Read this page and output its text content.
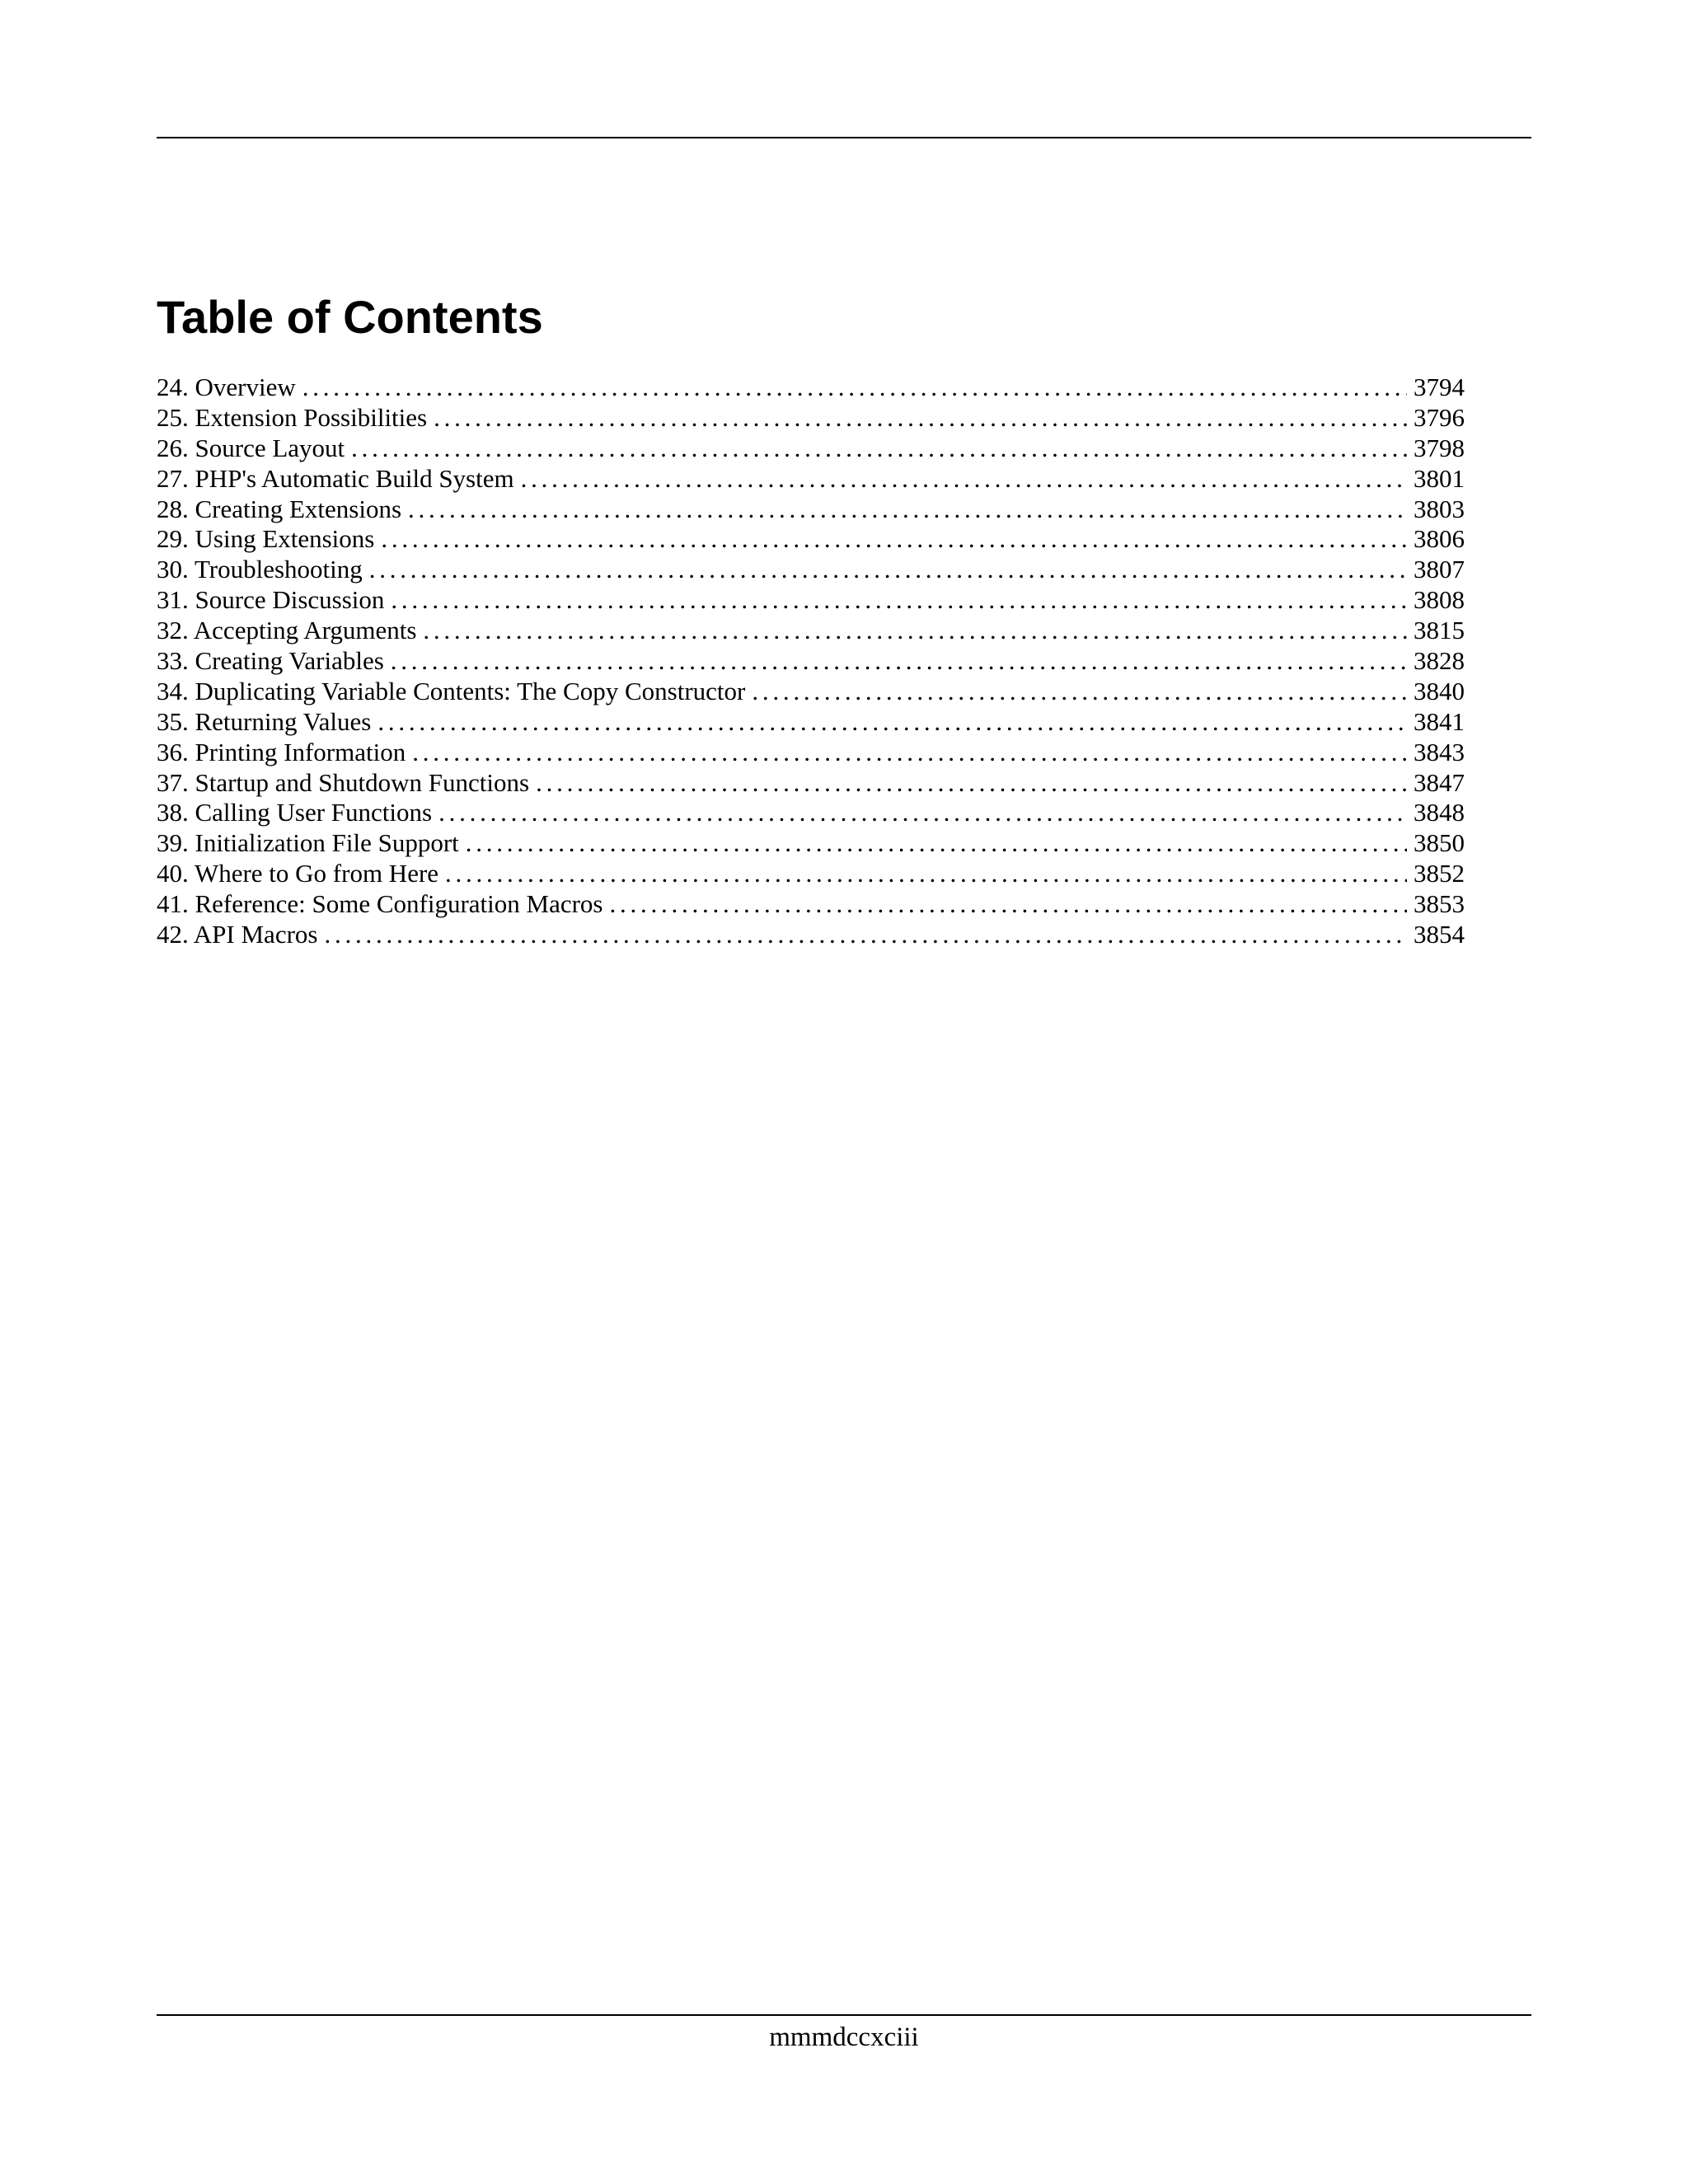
Table of Contents
24. Overview . . .	3794
25. Extension Possibilities . . .	3796
26. Source Layout . . .	3798
27. PHP's Automatic Build System . . .	3801
28. Creating Extensions . . .	3803
29. Using Extensions . . .	3806
30. Troubleshooting . . .	3807
31. Source Discussion . . .	3808
32. Accepting Arguments . . .	3815
33. Creating Variables . . .	3828
34. Duplicating Variable Contents: The Copy Constructor . . .	3840
35. Returning Values . . .	3841
36. Printing Information . . .	3843
37. Startup and Shutdown Functions . . .	3847
38. Calling User Functions . . .	3848
39. Initialization File Support . . .	3850
40. Where to Go from Here . . .	3852
41. Reference: Some Configuration Macros . . .	3853
42. API Macros . . .	3854
mmmdccxciii
